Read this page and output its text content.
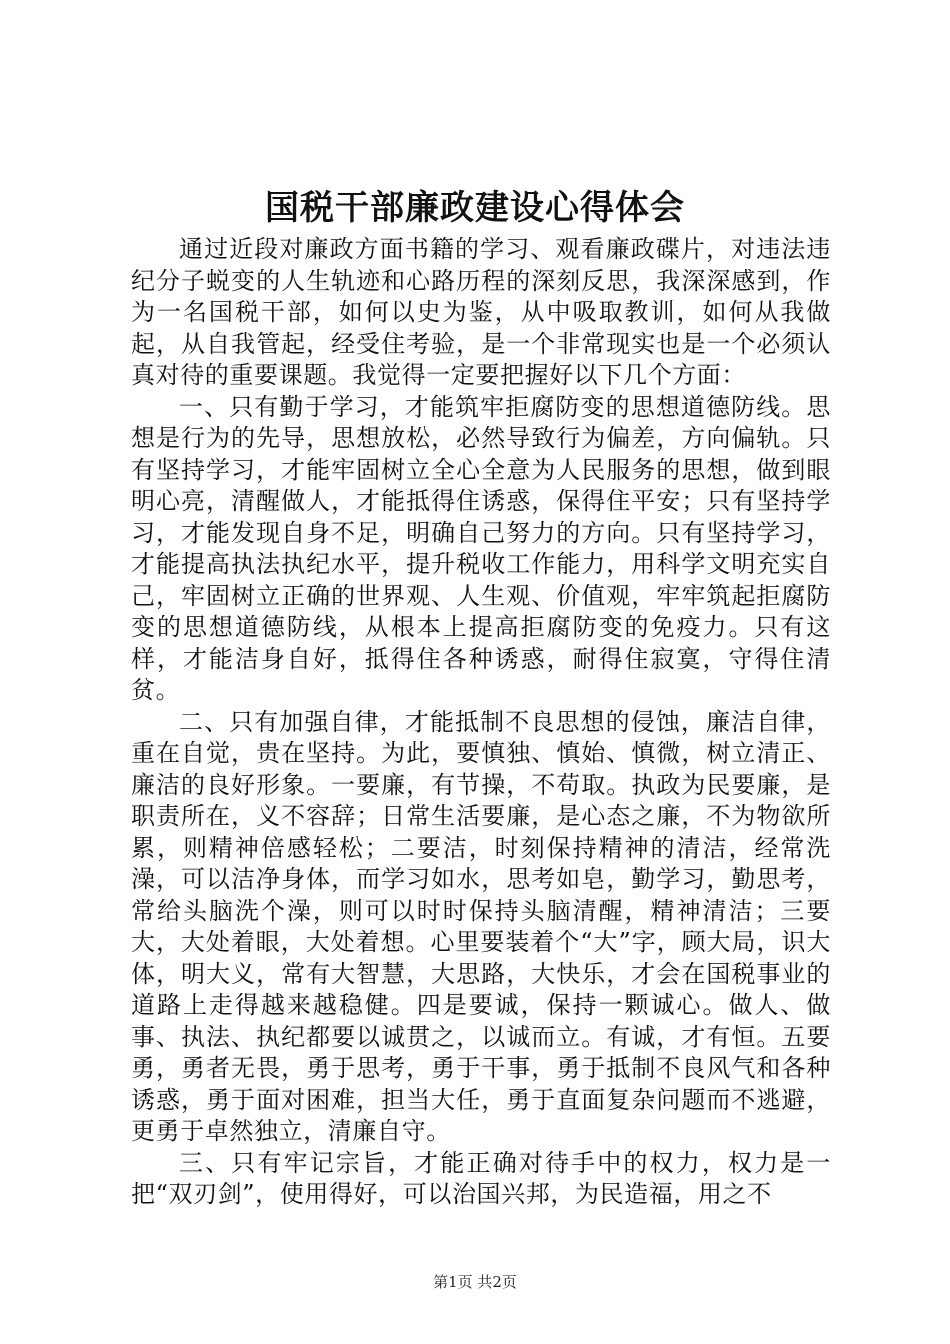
国税干部廉政建设心得体会

通过近段对廉政方面书籍的学习、观看廉政碟片，对违法违纪分子蜕变的人生轨迹和心路历程的深刻反思，我深深感到，作为一名国税干部，如何以史为鉴，从中吸取教训，如何从我做起，从自我管起，经受住考验，是一个非常现实也是一个必须认真对待的重要课题。我觉得一定要把握好以下几个方面：

一、只有勤于学习，才能筑牢拒腐防变的思想道德防线。思想是行为的先导，思想放松，必然导致行为偏差，方向偏轨。只有坚持学习，才能牢固树立全心全意为人民服务的思想，做到眼明心亮，清醒做人，才能抵得住诱惑，保得住平安；只有坚持学习，才能发现自身不足，明确自己努力的方向。只有坚持学习，才能提高执法执纪水平，提升税收工作能力，用科学文明充实自己，牢固树立正确的世界观、人生观、价值观，牢牢筑起拒腐防变的思想道德防线，从根本上提高拒腐防变的免疫力。只有这样，才能洁身自好，抵得住各种诱惑，耐得住寂寞，守得住清贫。

二、只有加强自律，才能抵制不良思想的侵蚀，廉洁自律，重在自觉，贵在坚持。为此，要慎独、慎始、慎微，树立清正、廉洁的良好形象。一要廉，有节操，不苟取。执政为民要廉，是职责所在，义不容辞；日常生活要廉，是心态之廉，不为物欲所累，则精神倍感轻松；二要洁，时刻保持精神的清洁，经常洗澡，可以洁净身体，而学习如水，思考如皂，勤学习，勤思考，常给头脑洗个澡，则可以时时保持头脑清醒，精神清洁；三要大，大处着眼，大处着想。心里要装着个“大”字，顾大局，识大体，明大义，常有大智慧，大思路，大快乐，才会在国税事业的道路上走得越来越稳健。四是要诚，保持一颗诚心。做人、做事、执法、执纪都要以诚贯之，以诚而立。有诚，才有恒。五要勇，勇者无畏，勇于思考，勇于干事，勇于抵制不良风气和各种诱惑，勇于面对困难，担当大任，勇于直面复杂问题而不逃避，更勇于卓然独立，清廉自守。

三、只有牢记宗旨，才能正确对待手中的权力，权力是一把“双刃剑”，使用得好，可以治国兴邦，为民造福，用之不

第1页 共2页
